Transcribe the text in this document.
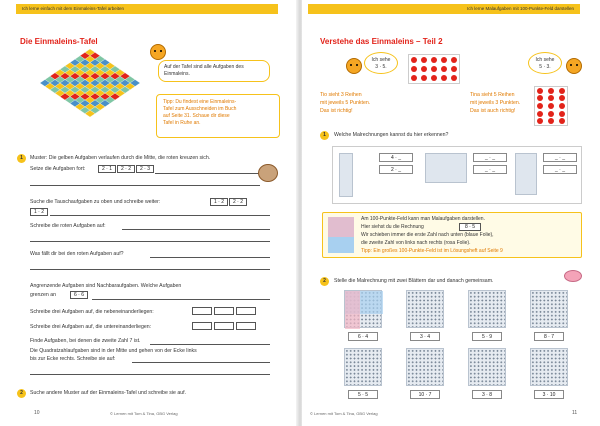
Ich lerne einfach mit dem Einmaleins-Tafel arbeiten
Die Einmaleins-Tafel
Auf der Tafel sind alle Aufgaben des Einmaleins.
Tipp: Du findest eine Einmaleins-
Tafel zum Ausschneiden im Buch
auf Seite 31. Schaue dir diese
Tafel in Ruhe an.
1	Muster: Die gelben Aufgaben verlaufen durch die Mitte, die roten kreuzen sich.
Setze die Aufgaben fort:	2 · 1	2 · 2	2 · 3
Suche die Tauschaufgaben zu oben und schreibe weiter:	1 · 2	2 · 2
1 · 2
Schreibe die roten Aufgaben auf:
Was fällt dir bei den roten Aufgaben auf?
Angrenzende Aufgaben sind Nachbaraufgaben. Welche Aufgaben
grenzen an	6 · 6
Schreibe drei Aufgaben auf, die nebeneinanderliegen:
Schreibe drei Aufgaben auf, die untereinanderliegen:
Finde Aufgaben, bei denen die zweite Zahl 7 ist.
Die Quadratzahlaufgaben sind in der Mitte und gehen von der Ecke links
bis zur Ecke rechts. Schreibe sie auf:
2	Suche andere Muster auf der Einmaleins-Tafel und schreibe sie auf.
10	© Lernen mit Tom & Tina, GBG Verlag
Ich lerne Malaufgaben mit 100-Punkte-Feld darstellen
Verstehe das Einmaleins – Teil 2
Ich sehe
3 · 5.
Ich sehe
5 · 3.
Tio sieht 3 Reihen
mit jeweils 5 Punkten.
Das ist richtig!
Tina sieht 5 Reihen
mit jeweils 3 Punkten.
Das ist auch richtig!
1	Welche Malrechnungen kannst du hier erkennen?
4 · _
2 · _
_ · _
_ · _
_ · _
_ · _
Am 100-Punkte-Feld kann man Malaufgaben darstellen.
Hier siehst du die Rechnung	8 · 5
Wir schieben immer die erste Zahl nach unten (blaue Folie),
die zweite Zahl von links nach rechts (rosa Folie).
Tipp: Ein großes 100-Punkte-Feld ist im Lösungsheft auf Seite 9
2	Stelle die Malrechnung mit zwei Blättern dar und danach gemeinsam.
6 · 4	3 · 4	5 · 9	8 · 7
5 · 5	10 · 7	3 · 8	3 · 10
11
© Lernen mit Tom & Tina, GBG Verlag
